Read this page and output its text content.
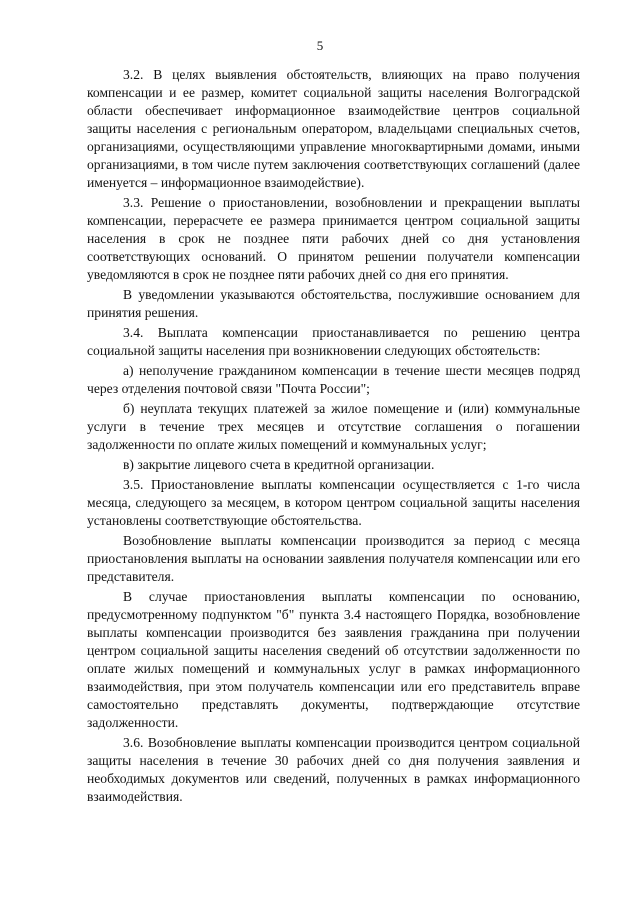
5

3.2. В целях выявления обстоятельств, влияющих на право получения компенсации и ее размер, комитет социальной защиты населения Волгоградской области обеспечивает информационное взаимодействие центров социальной защиты населения с региональным оператором, владельцами специальных счетов, организациями, осуществляющими управление многоквартирными домами, иными организациями, в том числе путем заключения соответствующих соглашений (далее именуется – информационное взаимодействие).

3.3. Решение о приостановлении, возобновлении и прекращении выплаты компенсации, перерасчете ее размера принимается центром социальной защиты населения в срок не позднее пяти рабочих дней со дня установления соответствующих оснований. О принятом решении получатели компенсации уведомляются в срок не позднее пяти рабочих дней со дня его принятия.

В уведомлении указываются обстоятельства, послужившие основанием для принятия решения.

3.4. Выплата компенсации приостанавливается по решению центра социальной защиты населения при возникновении следующих обстоятельств:

а) неполучение гражданином компенсации в течение шести месяцев подряд через отделения почтовой связи "Почта России";

б) неуплата текущих платежей за жилое помещение и (или) коммунальные услуги в течение трех месяцев и отсутствие соглашения о погашении задолженности по оплате жилых помещений и коммунальных услуг;

в) закрытие лицевого счета в кредитной организации.

3.5. Приостановление выплаты компенсации осуществляется с 1-го числа месяца, следующего за месяцем, в котором центром социальной защиты населения установлены соответствующие обстоятельства.

Возобновление выплаты компенсации производится за период с месяца приостановления выплаты на основании заявления получателя компенсации или его представителя.

В случае приостановления выплаты компенсации по основанию, предусмотренному подпунктом "б" пункта 3.4 настоящего Порядка, возобновление выплаты компенсации производится без заявления гражданина при получении центром социальной защиты населения сведений об отсутствии задолженности по оплате жилых помещений и коммунальных услуг в рамках информационного взаимодействия, при этом получатель компенсации или его представитель вправе самостоятельно представлять документы, подтверждающие отсутствие задолженности.

3.6. Возобновление выплаты компенсации производится центром социальной защиты населения в течение 30 рабочих дней со дня получения заявления и необходимых документов или сведений, полученных в рамках информационного взаимодействия.
